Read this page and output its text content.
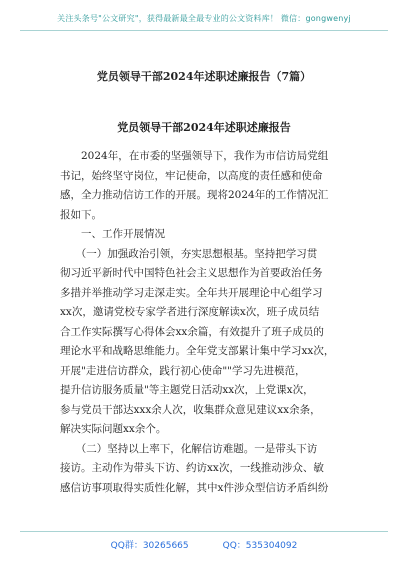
关注头条号"公文研究"，获得最新最全最专业的公文资料库！ 微信：gongwenyj
党员领导干部2024年述职述廉报告（7篇）
党员领导干部2024年述职述廉报告
　　2024年，在市委的坚强领导下，我作为市信访局党组
书记，始终坚守岗位，牢记使命，以高度的责任感和使命
感，全力推动信访工作的开展。现将2024年的工作情况汇
报如下。
　　一、工作开展情况
　　（一）加强政治引领，夯实思想根基。坚持把学习贯
彻习近平新时代中国特色社会主义思想作为首要政治任务
多措并举推动学习走深走实。全年共开展理论中心组学习
xx次，邀请党校专家学者进行深度解读x次，班子成员结
合工作实际撰写心得体会xx余篇，有效提升了班子成员的
理论水平和战略思维能力。全年党支部累计集中学习xx次，
开展"走进信访群众，践行初心使命""学习先进模范，
提升信访服务质量"等主题党日活动xx次，上党课x次，
参与党员干部达xxx余人次，收集群众意见建议xx余条，
解决实际问题xx余个。
　　（二）坚持以上率下，化解信访难题。一是带头下访
接访。主动作为带头下访、约访xx次，一线推动涉众、敏
感信访事项取得实质性化解，其中x件涉众型信访矛盾纠纷
QQ群：30265665	QQ：535304092
